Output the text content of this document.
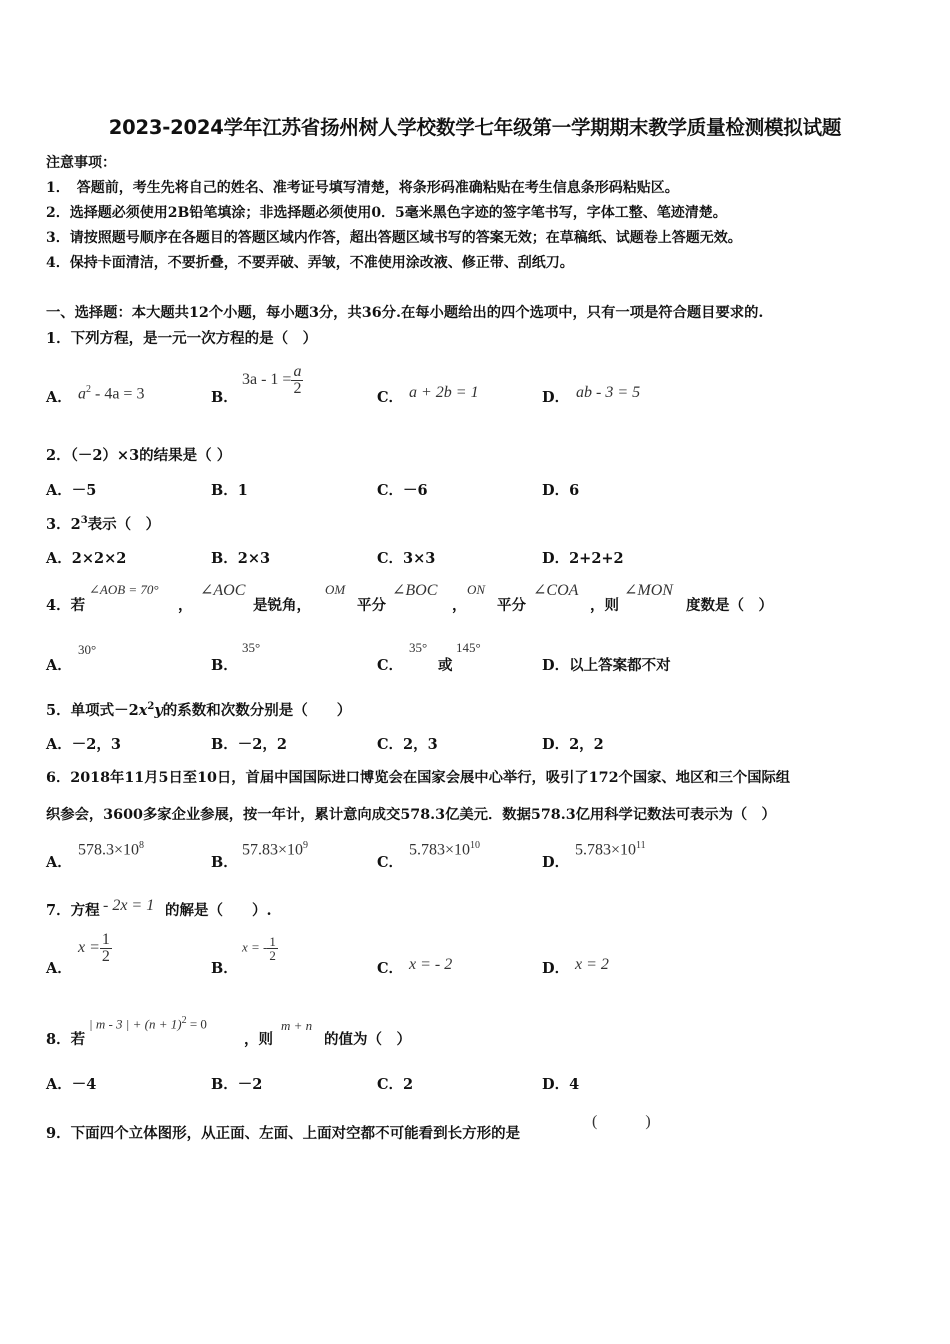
2023-2024学年江苏省扬州树人学校数学七年级第一学期期末教学质量检测模拟试题
注意事项：
1．　答题前，考生先将自己的姓名、准考证号填写清楚，将条形码准确粘贴在考生信息条形码粘贴区。
2．选择题必须使用2B铅笔填涂；非选择题必须使用0．5毫米黑色字迹的签字笔书写，字体工整、笔迹清楚。
3．请按照题号顺序在各题目的答题区域内作答，超出答题区域书写的答案无效；在草稿纸、试题卷上答题无效。
4．保持卡面清洁，不要折叠，不要弄破、弄皱，不准使用涂改液、修正带、刮纸刀。
一、选择题：本大题共12个小题，每小题3分，共36分.在每小题给出的四个选项中，只有一项是符合题目要求的.
1．下列方程，是一元一次方程的是（　）
A． $a^2 - 4a = 3$	B．
$3a - 1 = \frac{a}{2}$
C． a + 2b = 1	D． ab - 3 = 5
2．（－2）×3的结果是（ ）
A．－5	B．1	C．－6	D．6
3．$2^3$表示（　）
A．2×2×2	B．2×3	C．3×3	D．2+2+2
4．若
∠AOB = 70°
，
∠AOC
是锐角，
OM
平分
∠BOC
，
ON
平分
∠COA
，则
∠MON
度数是（　）
A．
30°
B．
35°
C．
35°
或
145°
D．以上答案都不对
5．单项式$-2x^2y$的系数和次数分别是（　　）
A．－2，3	B．－2，2	C．2，3	D．2，2
6．2018年11月5日至10日，首届中国国际进口博览会在国家会展中心举行，吸引了172个国家、地区和三个国际组
织参会，3600多家企业参展，按一年计，累计意向成交578.3亿美元．数据578.3亿用科学记数法可表示为（　）
A．
$578.3\times 10^8$
B．
$57.83\times 10^9$
C．
$5.783\times 10^{10}$
D．
$5.783\times 10^{11}$
7．方程 - 2x = 1 的解是（　　）.
A．
$x = \frac{1}{2}$
B．
x = - $\frac{1}{2}$
C． x = - 2	D． x = 2
8．若
| m - 3 | + $(n + 1)^2 = 0$
，则
m + n
的值为（　）
A．－4	B．－2	C．2	D．4
9．下面四个立体图形，从正面、左面、上面对空都不可能看到长方形的是
(　　　)
